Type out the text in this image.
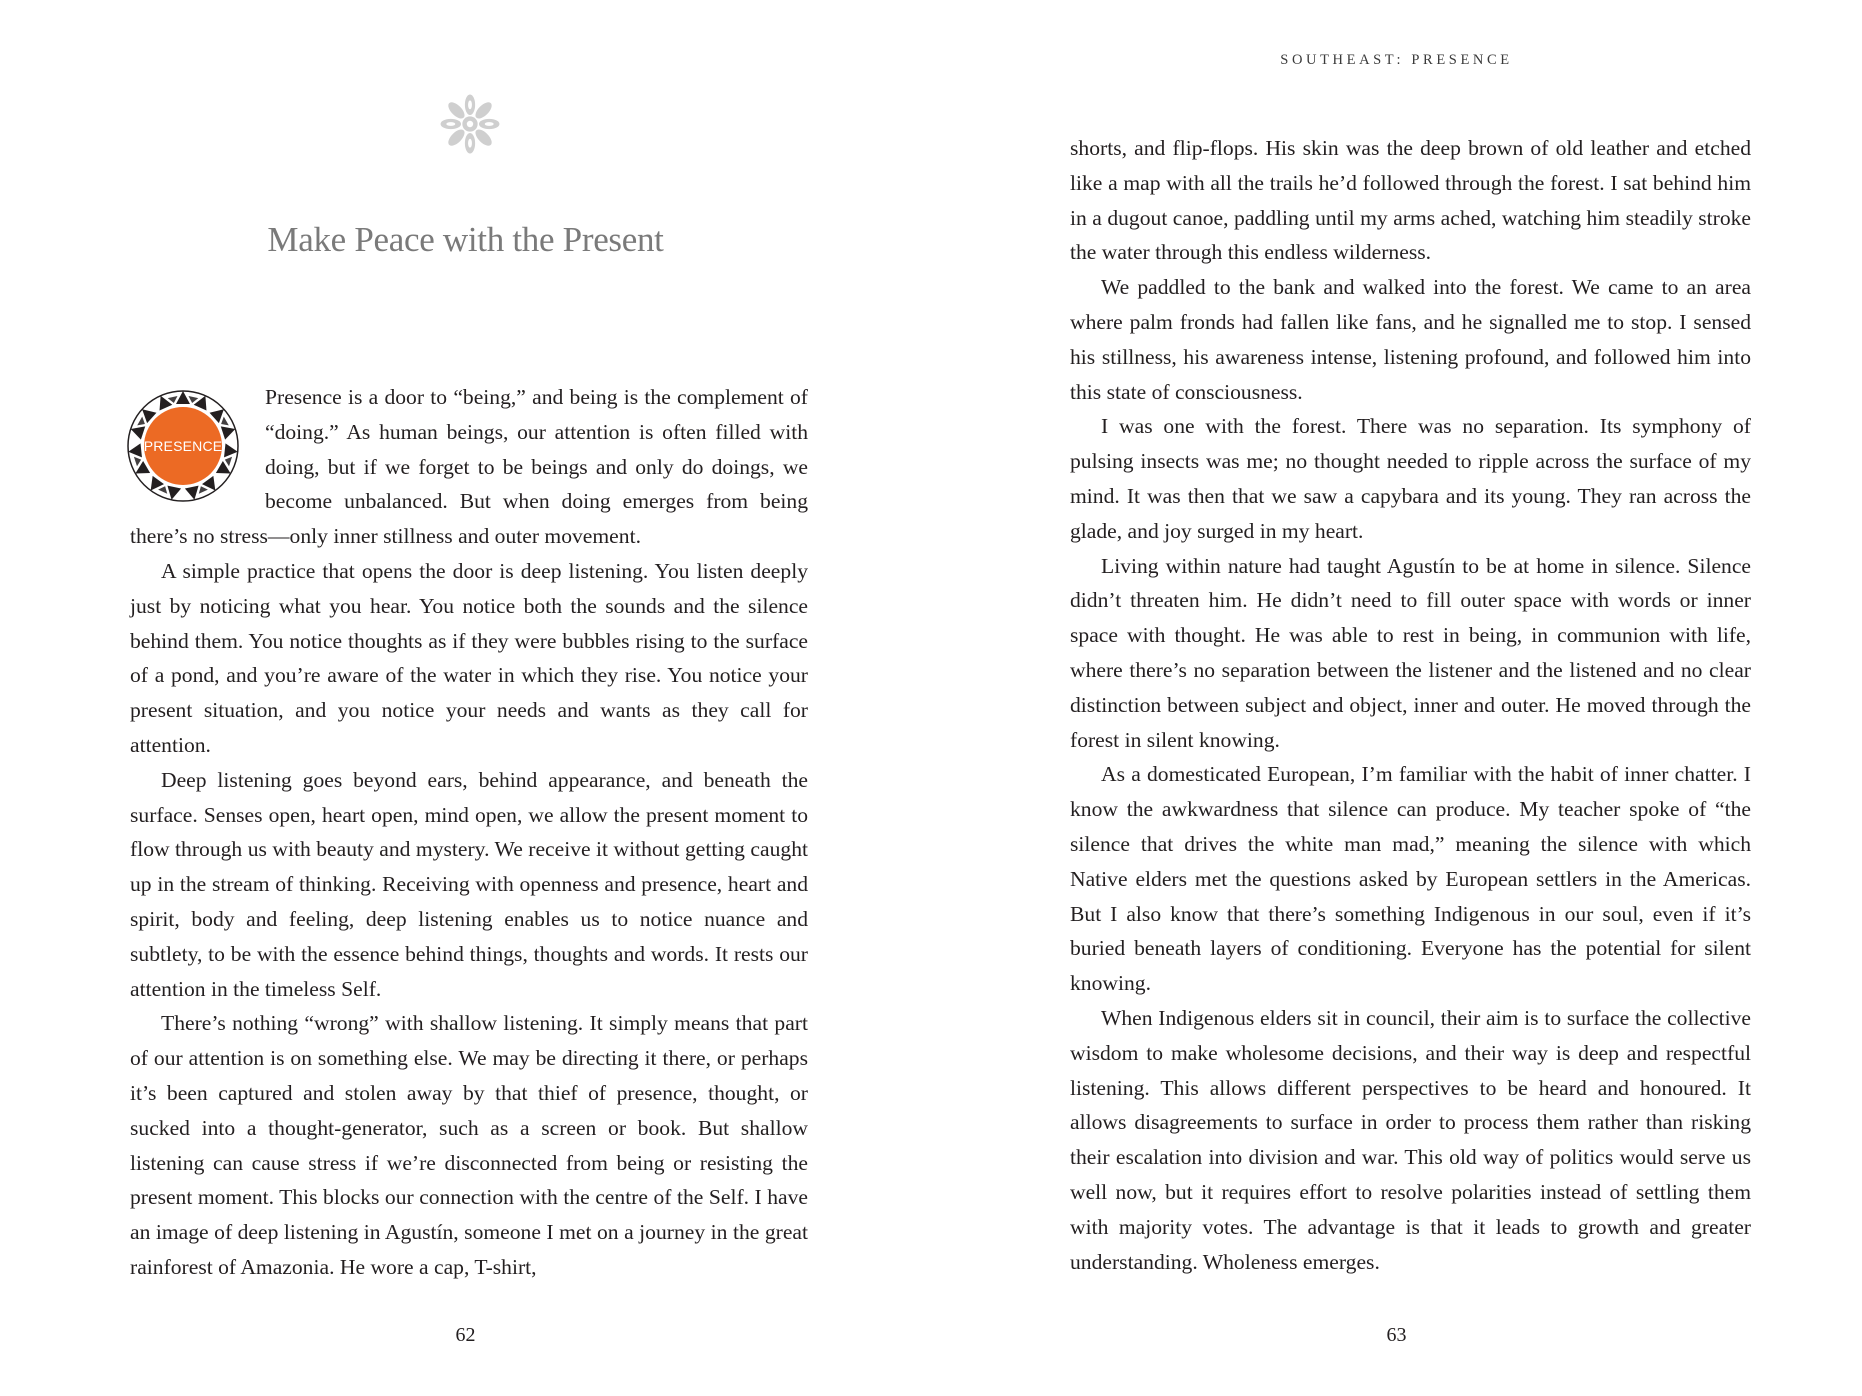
Make Peace with the Present
PRESENCE

Presence is a door to “being,” and being is the complement of “doing.” As human beings, our attention is often filled with doing, but if we forget to be beings and only do doings, we become unbalanced. But when doing emerges from being there’s no stress—only inner stillness and outer movement.

A simple practice that opens the door is deep listening. You listen deeply just by noticing what you hear. You notice both the sounds and the silence behind them. You notice thoughts as if they were bubbles rising to the surface of a pond, and you’re aware of the water in which they rise. You notice your present situation, and you notice your needs and wants as they call for attention.

Deep listening goes beyond ears, behind appearance, and beneath the surface. Senses open, heart open, mind open, we allow the present moment to flow through us with beauty and mystery. We receive it without getting caught up in the stream of thinking. Receiving with openness and presence, heart and spirit, body and feeling, deep listening enables us to notice nuance and subtlety, to be with the essence behind things, thoughts and words. It rests our attention in the timeless Self.

There’s nothing “wrong” with shallow listening. It simply means that part of our attention is on something else. We may be directing it there, or perhaps it’s been captured and stolen away by that thief of presence, thought, or sucked into a thought-generator, such as a screen or book. But shallow listening can cause stress if we’re disconnected from being or resisting the present moment. This blocks our connection with the centre of the Self. I have an image of deep listening in Agustín, someone I met on a journey in the great rainforest of Amazonia. He wore a cap, T-shirt,

62
SOUTHEAST: PRESENCE

shorts, and flip-flops. His skin was the deep brown of old leather and etched like a map with all the trails he’d followed through the forest. I sat behind him in a dugout canoe, paddling until my arms ached, watching him steadily stroke the water through this endless wilderness.

We paddled to the bank and walked into the forest. We came to an area where palm fronds had fallen like fans, and he signalled me to stop. I sensed his stillness, his awareness intense, listening profound, and followed him into this state of consciousness.

I was one with the forest. There was no separation. Its symphony of pulsing insects was me; no thought needed to ripple across the surface of my mind. It was then that we saw a capybara and its young. They ran across the glade, and joy surged in my heart.

Living within nature had taught Agustín to be at home in silence. Silence didn’t threaten him. He didn’t need to fill outer space with words or inner space with thought. He was able to rest in being, in communion with life, where there’s no separation between the listener and the listened and no clear distinction between subject and object, inner and outer. He moved through the forest in silent knowing.

As a domesticated European, I’m familiar with the habit of inner chatter. I know the awkwardness that silence can produce. My teacher spoke of “the silence that drives the white man mad,” meaning the silence with which Native elders met the questions asked by European settlers in the Americas. But I also know that there’s something Indigenous in our soul, even if it’s buried beneath layers of conditioning. Everyone has the potential for silent knowing.

When Indigenous elders sit in council, their aim is to surface the collective wisdom to make wholesome decisions, and their way is deep and respectful listening. This allows different perspectives to be heard and honoured. It allows disagreements to surface in order to process them rather than risking their escalation into division and war. This old way of politics would serve us well now, but it requires effort to resolve polarities instead of settling them with majority votes. The advantage is that it leads to growth and greater understanding. Wholeness emerges.

63
